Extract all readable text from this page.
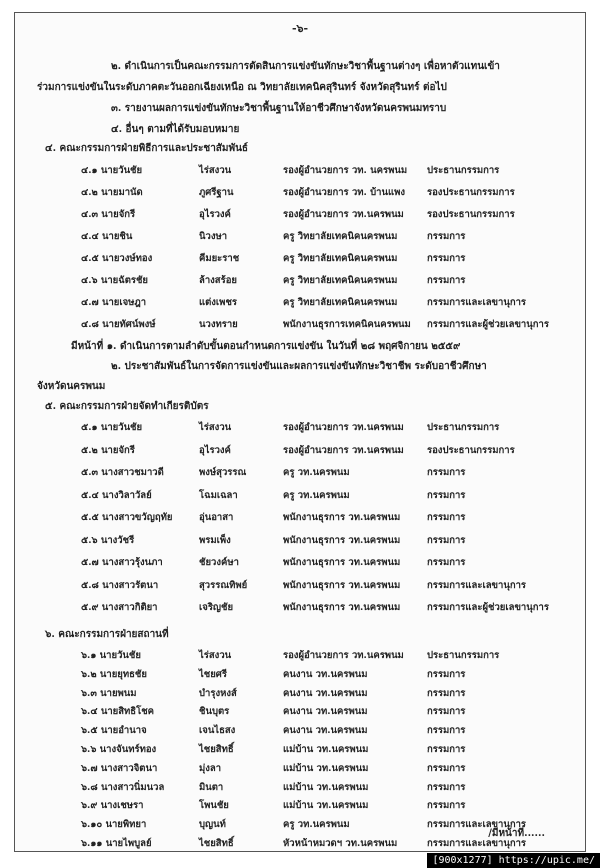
-๖-
๒. ดำเนินการเป็นคณะกรรมการตัดสินการแข่งขันทักษะวิชาพื้นฐานต่างๆ เพื่อหาตัวแทนเข้า
ร่วมการแข่งขันในระดับภาคตะวันออกเฉียงเหนือ ณ วิทยาลัยเทคนิคสุรินทร์ จังหวัดสุรินทร์ ต่อไป
๓. รายงานผลการแข่งขันทักษะวิชาพื้นฐานให้อาชีวศึกษาจังหวัดนครพนมทราบ
๔. อื่นๆ ตามที่ได้รับมอบหมาย
๔. คณะกรรมการฝ่ายพิธีการและประชาสัมพันธ์
๔.๑ นายวันชัย	ไร่สงวน	รองผู้อำนวยการ วท. นครพนม ประธานกรรมการ
๔.๒ นายมานัด	ภูศรีฐาน	รองผู้อำนวยการ วท. บ้านแพง รองประธานกรรมการ
๔.๓ นายจักรี	อุไรวงค์	รองผู้อำนวยการ วท.นครพนม รองประธานกรรมการ
๔.๔ นายชิน	นิวงษา	ครู วิทยาลัยเทคนิคนครพนม	กรรมการ
๔.๕ นายวงษ์ทอง	คีมยะราช	ครู วิทยาลัยเทคนิคนครพนม	กรรมการ
๔.๖ นายฉัตรชัย	ล้างสร้อย	ครู วิทยาลัยเทคนิคนครพนม	กรรมการ
๔.๗ นายเจษฎา	แต่งเพชร	ครู วิทยาลัยเทคนิคนครพนม	กรรมการและเลขานุการ
๔.๘ นายทัศน์พงษ์	นวงทราย	พนักงานธุรการเทคนิคนครพนม กรรมการและผู้ช่วยเลขานุการ
มีหน้าที่ ๑. ดำเนินการตามลำดับขั้นตอนกำหนดการแข่งขัน ในวันที่ ๒๘ พฤศจิกายน ๒๕๕๙
๒. ประชาสัมพันธ์ในการจัดการแข่งขันและผลการแข่งขันทักษะวิชาชีพ ระดับอาชีวศึกษา
จังหวัดนครพนม
๕. คณะกรรมการฝ่ายจัดทำเกียรติบัตร
๕.๑ นายวันชัย	ไร่สงวน	รองผู้อำนวยการ วท.นครพนม ประธานกรรมการ
๕.๒ นายจักรี	อุไรวงค์	รองผู้อำนวยการ วท.นครพนม รองประธานกรรมการ
๕.๓ นางสาวชมาวดี	พงษ์สุวรรณ	ครู วท.นครพนม	กรรมการ
๕.๔ นางวิลาวัลย์	โฉมเฉลา	ครู วท.นครพนม	กรรมการ
๕.๕ นางสาวขวัญฤทัย	อุ่นอาสา	พนักงานธุรการ วท.นครพนม	กรรมการ
๕.๖ นางวัชรี	พรมเพ็ง	พนักงานธุรการ วท.นครพนม	กรรมการ
๕.๗ นางสาวรุ้งนภา	ชัยวงค์ษา	พนักงานธุรการ วท.นครพนม	กรรมการ
๕.๘ นางสาวรัตนา	สุวรรณทิพย์	พนักงานธุรการ วท.นครพนม	กรรมการและเลขานุการ
๕.๙ นางสาวกิติยา	เจริญชัย	พนักงานธุรการ วท.นครพนม	กรรมการและผู้ช่วยเลขานุการ
๖. คณะกรรมการฝ่ายสถานที่
๖.๑ นายวันชัย	ไร่สงวน	รองผู้อำนวยการ วท.นครพนม ประธานกรรมการ
๖.๒ นายยุทธชัย	ไชยศรี	คนงาน วท.นครพนม	กรรมการ
๖.๓ นายพนม	บำรุงหงส์	คนงาน วท.นครพนม	กรรมการ
๖.๔ นายสิทธิโชค	ชินบุตร	คนงาน วท.นครพนม	กรรมการ
๖.๕ นายอำนาจ	เจนไธสง	คนงาน วท.นครพนม	กรรมการ
๖.๖ นางจันทร์ทอง	ไชยสิทธิ์	แม่บ้าน วท.นครพนม	กรรมการ
๖.๗ นางสาวจิตนา	มุ่งลา	แม่บ้าน วท.นครพนม	กรรมการ
๖.๘ นางสาวนิ่มนวล	มินตา	แม่บ้าน วท.นครพนม	กรรมการ
๖.๙ นางเชษรา	โพนชัย	แม่บ้าน วท.นครพนม	กรรมการ
๖.๑๐ นายพิทยา	บุญนท์	ครู วท.นครพนม	กรรมการและเลขานุการ
๖.๑๑ นายไพบูลย์	ไชยสิทธิ์	หัวหน้าหมวดฯ วท.นครพนม	กรรมการและเลขานุการ
/มีหน้าที่......
[900x1277] https://upic.me/
